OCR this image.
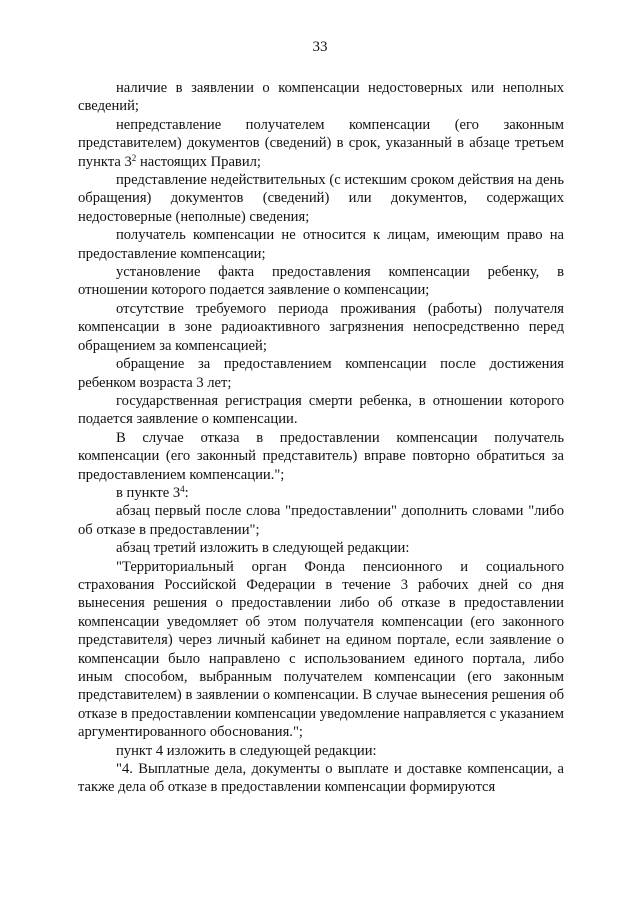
33

наличие в заявлении о компенсации недостоверных или неполных сведений;

непредставление получателем компенсации (его законным представителем) документов (сведений) в срок, указанный в абзаце третьем пункта $3^2$ настоящих Правил;

представление недействительных (с истекшим сроком действия на день обращения) документов (сведений) или документов, содержащих недостоверные (неполные) сведения;

получатель компенсации не относится к лицам, имеющим право на предоставление компенсации;

установление факта предоставления компенсации ребенку, в отношении которого подается заявление о компенсации;

отсутствие требуемого периода проживания (работы) получателя компенсации в зоне радиоактивного загрязнения непосредственно перед обращением за компенсацией;

обращение за предоставлением компенсации после достижения ребенком возраста 3 лет;

государственная регистрация смерти ребенка, в отношении которого подается заявление о компенсации.

В случае отказа в предоставлении компенсации получатель компенсации (его законный представитель) вправе повторно обратиться за предоставлением компенсации.";

в пункте $3^4$:

абзац первый после слова "предоставлении" дополнить словами "либо об отказе в предоставлении";

абзац третий изложить в следующей редакции:

"Территориальный орган Фонда пенсионного и социального страхования Российской Федерации в течение 3 рабочих дней со дня вынесения решения о предоставлении либо об отказе в предоставлении компенсации уведомляет об этом получателя компенсации (его законного представителя) через личный кабинет на едином портале, если заявление о компенсации было направлено с использованием единого портала, либо иным способом, выбранным получателем компенсации (его законным представителем) в заявлении о компенсации. В случае вынесения решения об отказе в предоставлении компенсации уведомление направляется с указанием аргументированного обоснования.";

пункт 4 изложить в следующей редакции:

"4. Выплатные дела, документы о выплате и доставке компенсации, а также дела об отказе в предоставлении компенсации формируются
